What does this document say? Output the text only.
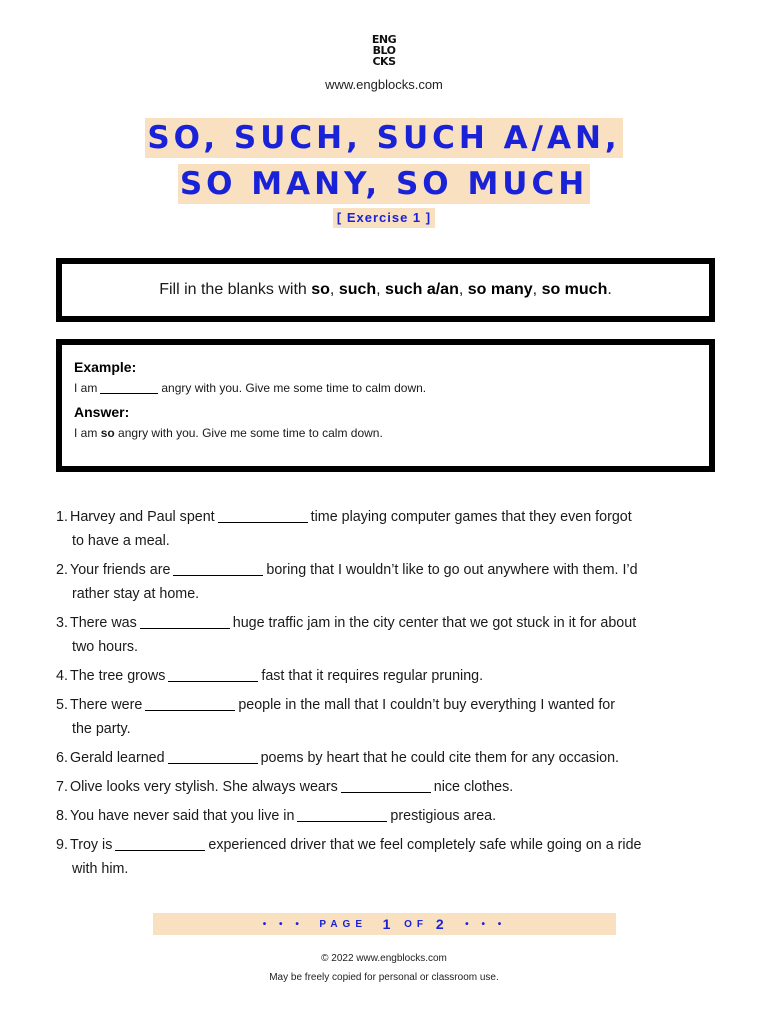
ENG
BLO
CKS
www.engblocks.com
SO, SUCH, SUCH A/AN,
SO MANY, SO MUCH
[ Exercise 1 ]
Fill in the blanks with so, such, such a/an, so many, so much.
Example:
I am	angry with you. Give me some time to calm down.
Answer:
I am so angry with you. Give me some time to calm down.
1. Harvey and Paul spent	time playing computer games that they even forgot
to have a meal.
2. Your friends are	boring that I wouldn’t like to go out anywhere with them. I’d
rather stay at home.
3. There was	huge traffic jam in the city center that we got stuck in it for about
two hours.
4. The tree grows	fast that it requires regular pruning.
5. There were	people in the mall that I couldn’t buy everything I wanted for
the party.
6. Gerald learned	poems by heart that he could cite them for any occasion.
7. Olive looks very stylish. She always wears	nice clothes.
8. You have never said that you live in	prestigious area.
9. Troy is	experienced driver that we feel completely safe while going on a ride
with him.
• • •
PAGE
1
OF
2
• • •
© 2022 www.engblocks.com
May be freely copied for personal or classroom use.
